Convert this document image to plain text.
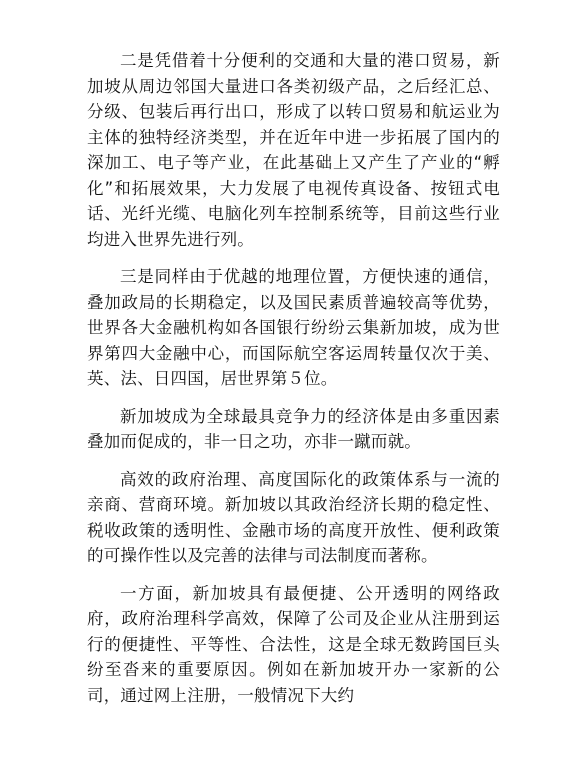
二是凭借着十分便利的交通和大量的港口贸易，新加坡从周边邻国大量进口各类初级产品，之后经汇总、分级、包装后再行出口，形成了以转口贸易和航运业为主体的独特经济类型，并在近年中进一步拓展了国内的深加工、电子等产业，在此基础上又产生了产业的“孵化”和拓展效果，大力发展了电视传真设备、按钮式电话、光纤光缆、电脑化列车控制系统等，目前这些行业均进入世界先进行列。

三是同样由于优越的地理位置，方便快速的通信，叠加政局的长期稳定，以及国民素质普遍较高等优势，世界各大金融机构如各国银行纷纷云集新加坡，成为世界第四大金融中心，而国际航空客运周转量仅次于美、英、法、日四国，居世界第５位。

新加坡成为全球最具竞争力的经济体是由多重因素叠加而促成的，非一日之功，亦非一蹴而就。

高效的政府治理、高度国际化的政策体系与一流的亲商、营商环境。新加坡以其政治经济长期的稳定性、税收政策的透明性、金融市场的高度开放性、便利政策的可操作性以及完善的法律与司法制度而著称。

一方面，新加坡具有最便捷、公开透明的网络政府，政府治理科学高效，保障了公司及企业从注册到运行的便捷性、平等性、合法性，这是全球无数跨国巨头纷至沓来的重要原因。例如在新加坡开办一家新的公司，通过网上注册，一般情况下大约
